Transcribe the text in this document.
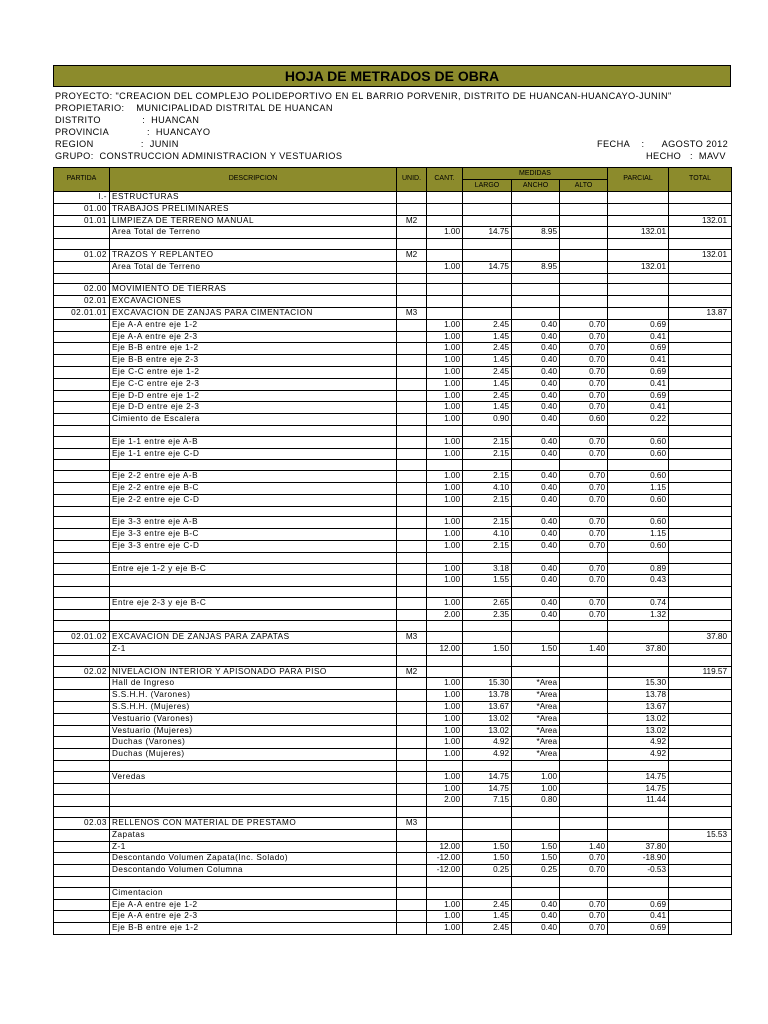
HOJA DE METRADOS DE OBRA
PROYECTO: "CREACION DEL COMPLEJO POLIDEPORTIVO EN EL BARRIO PORVENIR, DISTRITO DE HUANCAN-HUANCAYO-JUNIN"
PROPIETARIO:    MUNICIPALIDAD DISTRITAL DE HUANCAN
DISTRITO              :  HUANCAN
PROVINCIA             :  HUANCAYO
REGION                :  JUNIN	FECHA    :      AGOSTO 2012
GRUPO:  CONSTRUCCION ADMINISTRACION Y VESTUARIOS	HECHO   :  MAVV
PARTIDA	DESCRIPCION	UNID.	CANT.	MEDIDAS			PARCIAL	TOTAL
				LARGO	ANCHO	ALTO		
I.-	ESTRUCTURAS							
01.00	TRABAJOS PRELIMINARES							
01.01	LIMPIEZA DE TERRENO MANUAL	M2						132.01
	Area Total de Terreno		1.00	14.75	8.95		132.01	

01.02	TRAZOS Y REPLANTEO	M2						132.01
	Area Total de Terreno		1.00	14.75	8.95		132.01	

02.00	MOVIMIENTO DE TIERRAS							
02.01	EXCAVACIONES							
02.01.01	EXCAVACION DE ZANJAS PARA CIMENTACION	M3						13.87
	Eje A-A entre eje 1-2		1.00	2.45	0.40	0.70	0.69	
	Eje A-A entre eje 2-3		1.00	1.45	0.40	0.70	0.41	
	Eje B-B entre eje 1-2		1.00	2.45	0.40	0.70	0.69	
	Eje B-B entre eje 2-3		1.00	1.45	0.40	0.70	0.41	
	Eje C-C entre eje 1-2		1.00	2.45	0.40	0.70	0.69	
	Eje C-C entre eje 2-3		1.00	1.45	0.40	0.70	0.41	
	Eje D-D entre eje 1-2		1.00	2.45	0.40	0.70	0.69	
	Eje D-D entre eje 2-3		1.00	1.45	0.40	0.70	0.41	
	Cimiento de Escalera		1.00	0.90	0.40	0.60	0.22	

	Eje 1-1 entre eje A-B		1.00	2.15	0.40	0.70	0.60	
	Eje 1-1 entre eje C-D		1.00	2.15	0.40	0.70	0.60	

	Eje 2-2 entre eje A-B		1.00	2.15	0.40	0.70	0.60	
	Eje 2-2 entre eje B-C		1.00	4.10	0.40	0.70	1.15	
	Eje 2-2 entre eje C-D		1.00	2.15	0.40	0.70	0.60	

	Eje 3-3 entre eje A-B		1.00	2.15	0.40	0.70	0.60	
	Eje 3-3 entre eje B-C		1.00	4.10	0.40	0.70	1.15	
	Eje 3-3 entre eje C-D		1.00	2.15	0.40	0.70	0.60	

	Entre eje 1-2 y eje B-C		1.00	3.18	0.40	0.70	0.89	
			1.00	1.55	0.40	0.70	0.43	

	Entre eje 2-3 y eje B-C		1.00	2.65	0.40	0.70	0.74	
			2.00	2.35	0.40	0.70	1.32	

02.01.02	EXCAVACION DE ZANJAS PARA ZAPATAS	M3						37.80
	Z-1		12.00	1.50	1.50	1.40	37.80	

02.02	NIVELACION INTERIOR Y APISONADO PARA PISO	M2						119.57
	Hall de Ingreso		1.00	15.30	*Area		15.30	
	S.S.H.H. (Varones)		1.00	13.78	*Area		13.78	
	S.S.H.H. (Mujeres)		1.00	13.67	*Area		13.67	
	Vestuario (Varones)		1.00	13.02	*Area		13.02	
	Vestuario (Mujeres)		1.00	13.02	*Area		13.02	
	Duchas (Varones)		1.00	4.92	*Area		4.92	
	Duchas (Mujeres)		1.00	4.92	*Area		4.92	

	Veredas		1.00	14.75	1.00		14.75	
			1.00	14.75	1.00		14.75	
			2.00	7.15	0.80		11.44	

02.03	RELLENOS CON MATERIAL DE PRESTAMO	M3						
	Zapatas							15.53
	Z-1		12.00	1.50	1.50	1.40	37.80	
	Descontando Volumen Zapata(Inc. Solado)		-12.00	1.50	1.50	0.70	-18.90	
	Descontando Volumen Columna		-12.00	0.25	0.25	0.70	-0.53	

	Cimentacion							
	Eje A-A entre eje 1-2		1.00	2.45	0.40	0.70	0.69	
	Eje A-A entre eje 2-3		1.00	1.45	0.40	0.70	0.41	
	Eje B-B entre eje 1-2		1.00	2.45	0.40	0.70	0.69	
